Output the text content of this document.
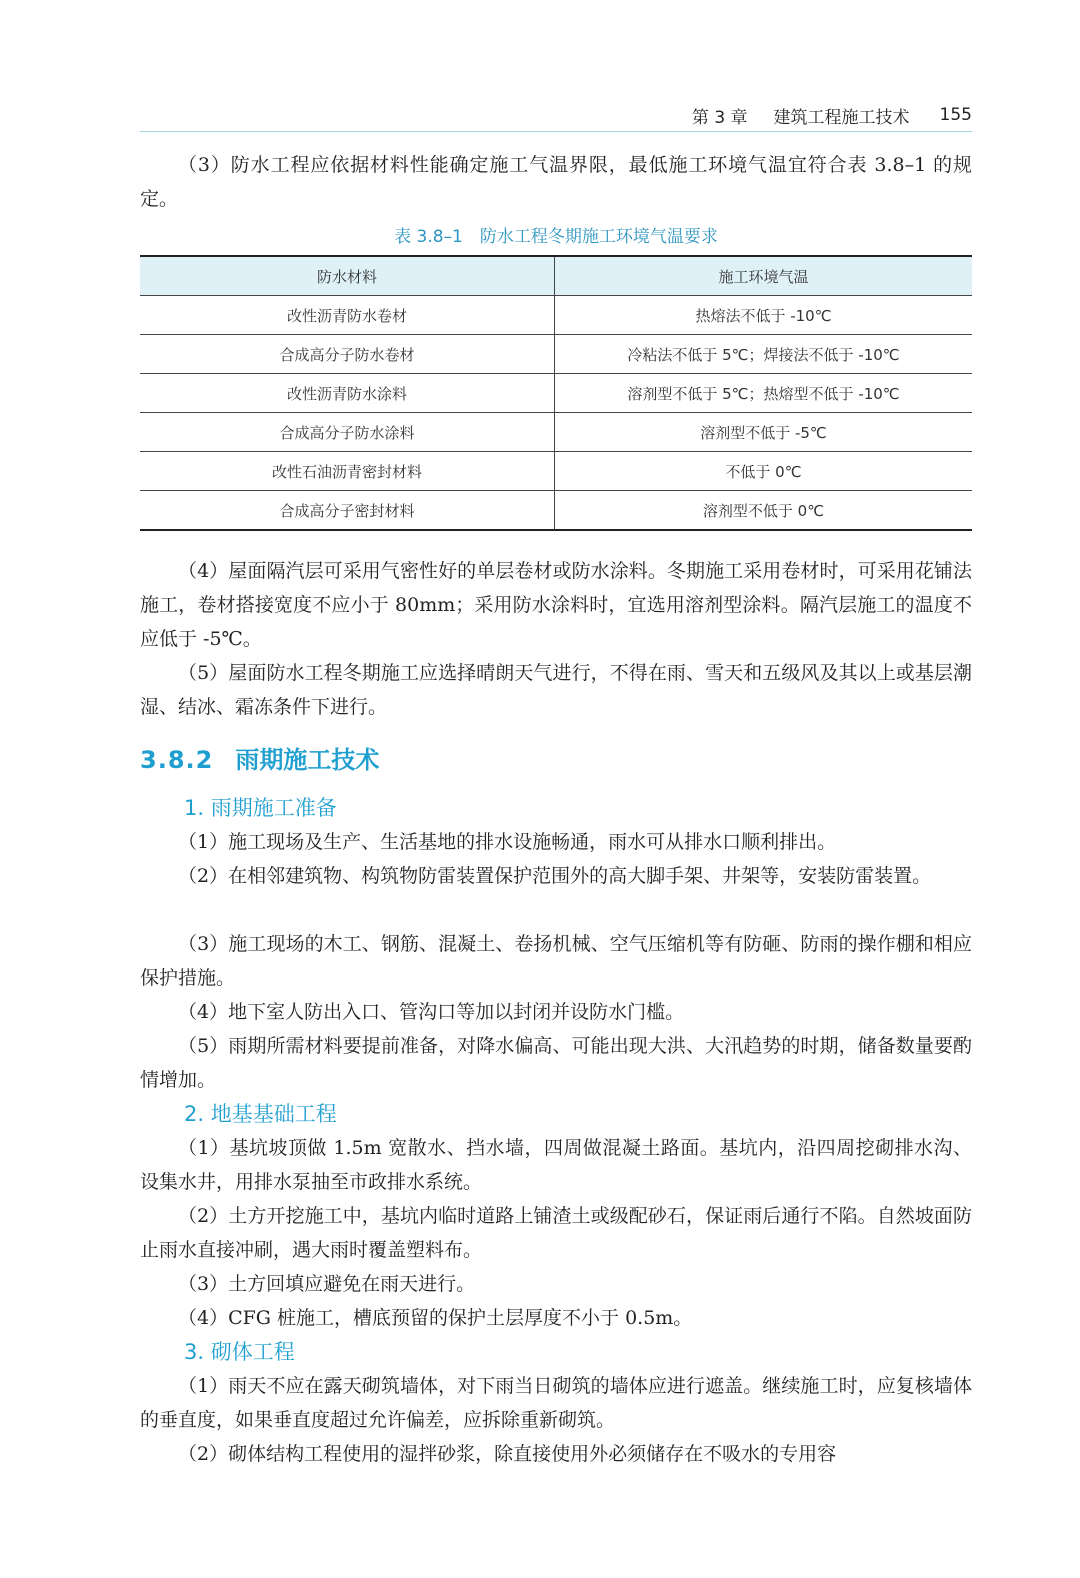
第 3 章 建筑工程施工技术 155

（3）防水工程应依据材料性能确定施工气温界限，最低施工环境气温宜符合表 3.8–1 的规定。

表 3.8–1　防水工程冬期施工环境气温要求
防水材料	施工环境气温
改性沥青防水卷材	热熔法不低于 -10℃
合成高分子防水卷材	冷粘法不低于 5℃；焊接法不低于 -10℃
改性沥青防水涂料	溶剂型不低于 5℃；热熔型不低于 -10℃
合成高分子防水涂料	溶剂型不低于 -5℃
改性石油沥青密封材料	不低于 0℃
合成高分子密封材料	溶剂型不低于 0℃

（4）屋面隔汽层可采用气密性好的单层卷材或防水涂料。冬期施工采用卷材时，可采用花铺法施工，卷材搭接宽度不应小于 80mm；采用防水涂料时，宜选用溶剂型涂料。隔汽层施工的温度不应低于 -5℃。

（5）屋面防水工程冬期施工应选择晴朗天气进行，不得在雨、雪天和五级风及其以上或基层潮湿、结冰、霜冻条件下进行。

3.8.2 雨期施工技术
1. 雨期施工准备

（1）施工现场及生产、生活基地的排水设施畅通，雨水可从排水口顺利排出。

（2）在相邻建筑物、构筑物防雷装置保护范围外的高大脚手架、井架等，安装防雷装置。

（3）施工现场的木工、钢筋、混凝土、卷扬机械、空气压缩机等有防砸、防雨的操作棚和相应保护措施。

（4）地下室人防出入口、管沟口等加以封闭并设防水门槛。

（5）雨期所需材料要提前准备，对降水偏高、可能出现大洪、大汛趋势的时期，储备数量要酌情增加。

2. 地基基础工程

（1）基坑坡顶做 1.5m 宽散水、挡水墙，四周做混凝土路面。基坑内，沿四周挖砌排水沟、设集水井，用排水泵抽至市政排水系统。

（2）土方开挖施工中，基坑内临时道路上铺渣土或级配砂石，保证雨后通行不陷。自然坡面防止雨水直接冲刷，遇大雨时覆盖塑料布。

（3）土方回填应避免在雨天进行。

（4）CFG 桩施工，槽底预留的保护土层厚度不小于 0.5m。

3. 砌体工程

（1）雨天不应在露天砌筑墙体，对下雨当日砌筑的墙体应进行遮盖。继续施工时，应复核墙体的垂直度，如果垂直度超过允许偏差，应拆除重新砌筑。

（2）砌体结构工程使用的湿拌砂浆，除直接使用外必须储存在不吸水的专用容
